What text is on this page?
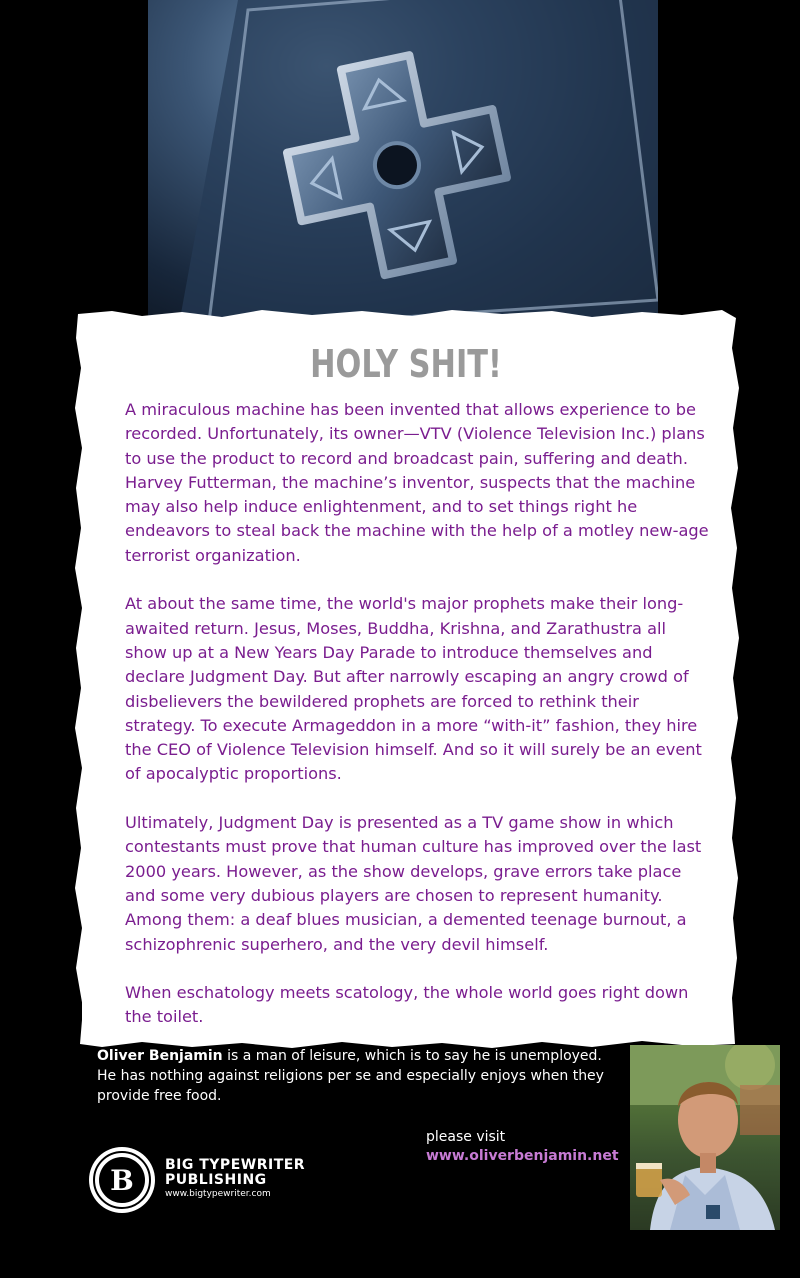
HOLY SHIT!

A miraculous machine has been invented that allows experience to be recorded. Unfortunately, its owner—VTV (Violence Television Inc.) plans to use the product to record and broadcast pain, suffering and death. Harvey Futterman, the machine’s inventor, suspects that the machine may also help induce enlightenment, and to set things right he endeavors to steal back the machine with the help of a motley new-age terrorist organization.

At about the same time, the world's major prophets make their long-awaited return. Jesus, Moses, Buddha, Krishna, and Zarathustra all show up at a New Years Day Parade to introduce themselves and declare Judgment Day. But after narrowly escaping an angry crowd of disbelievers the bewildered prophets are forced to rethink their strategy. To execute Armageddon in a more “with-it” fashion, they hire the CEO of Violence Television himself. And so it will surely be an event of apocalyptic proportions.

Ultimately, Judgment Day is presented as a TV game show in which contestants must prove that human culture has improved over the last 2000 years. However, as the show develops, grave errors take place and some very dubious players are chosen to represent humanity. Among them: a deaf blues musician, a demented teenage burnout, a schizophrenic superhero, and the very devil himself.

When eschatology meets scatology, the whole world goes right down the toilet.

Oliver Benjamin is a man of leisure, which is to say he is unemployed. He has nothing against religions per se and especially enjoys when they provide free food.
please visit
www.oliverbenjamin.net
B BIG TYPEWRITER
PUBLISHING
www.bigtypewriter.com
